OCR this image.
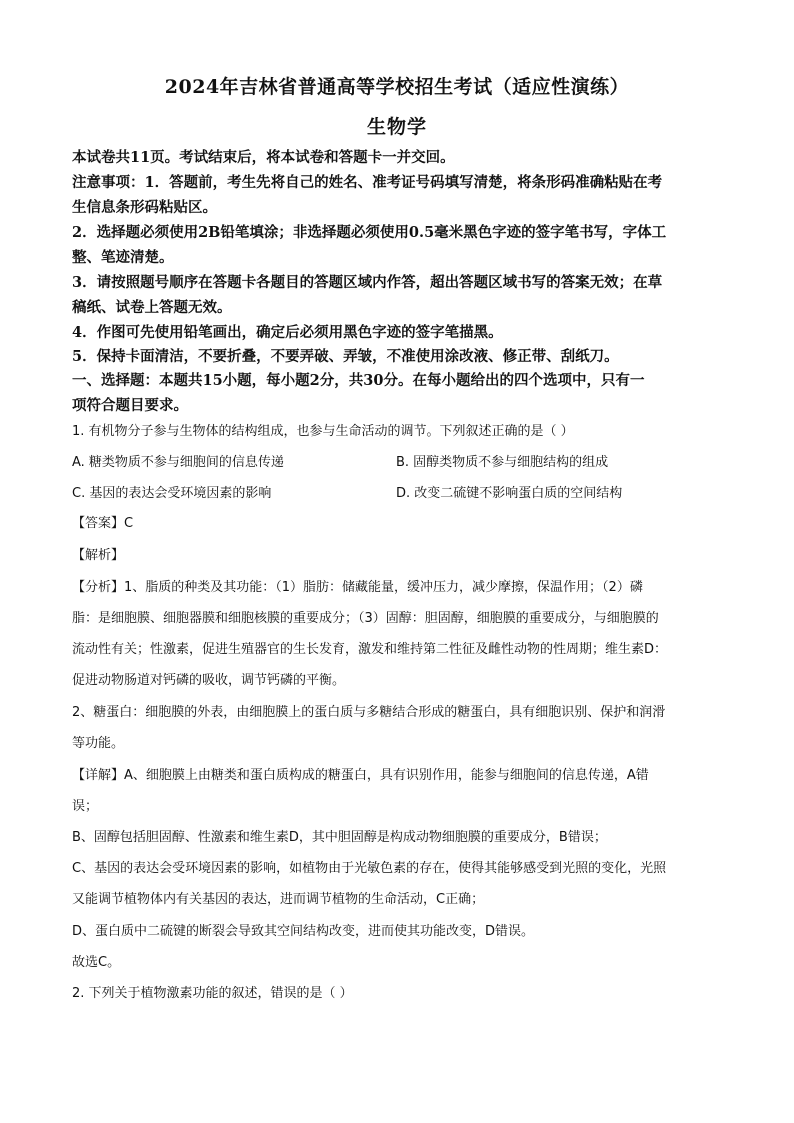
2024年吉林省普通高等学校招生考试（适应性演练）
生物学
本试卷共11页。考试结束后，将本试卷和答题卡一并交回。
注意事项：1．答题前，考生先将自己的姓名、准考证号码填写清楚，将条形码准确粘贴在考
生信息条形码粘贴区。
2．选择题必须使用2B铅笔填涂；非选择题必须使用0.5毫米黑色字迹的签字笔书写，字体工
整、笔迹清楚。
3．请按照题号顺序在答题卡各题目的答题区域内作答，超出答题区域书写的答案无效；在草
稿纸、试卷上答题无效。
4．作图可先使用铅笔画出，确定后必须用黑色字迹的签字笔描黑。
5．保持卡面清洁，不要折叠，不要弄破、弄皱，不准使用涂改液、修正带、刮纸刀。
一、选择题：本题共15小题，每小题2分，共30分。在每小题给出的四个选项中，只有一
项符合题目要求。
1. 有机物分子参与生物体的结构组成，也参与生命活动的调节。下列叙述正确的是（ ）
A. 糖类物质不参与细胞间的信息传递	B. 固醇类物质不参与细胞结构的组成
C. 基因的表达会受环境因素的影响	D. 改变二硫键不影响蛋白质的空间结构
【答案】C
【解析】
【分析】1、脂质的种类及其功能：（1）脂肪：储藏能量，缓冲压力，减少摩擦，保温作用；（2）磷
脂：是细胞膜、细胞器膜和细胞核膜的重要成分；（3）固醇：胆固醇，细胞膜的重要成分，与细胞膜的
流动性有关；性激素，促进生殖器官的生长发育，激发和维持第二性征及雌性动物的性周期；维生素D：
促进动物肠道对钙磷的吸收，调节钙磷的平衡。
2、糖蛋白：细胞膜的外表，由细胞膜上的蛋白质与多糖结合形成的糖蛋白，具有细胞识别、保护和润滑
等功能。
【详解】A、细胞膜上由糖类和蛋白质构成的糖蛋白，具有识别作用，能参与细胞间的信息传递，A错
误；
B、固醇包括胆固醇、性激素和维生素D，其中胆固醇是构成动物细胞膜的重要成分，B错误；
C、基因的表达会受环境因素的影响，如植物由于光敏色素的存在，使得其能够感受到光照的变化，光照
又能调节植物体内有关基因的表达，进而调节植物的生命活动，C正确；
D、蛋白质中二硫键的断裂会导致其空间结构改变，进而使其功能改变，D错误。
故选C。
2. 下列关于植物激素功能的叙述，错误的是（ ）
